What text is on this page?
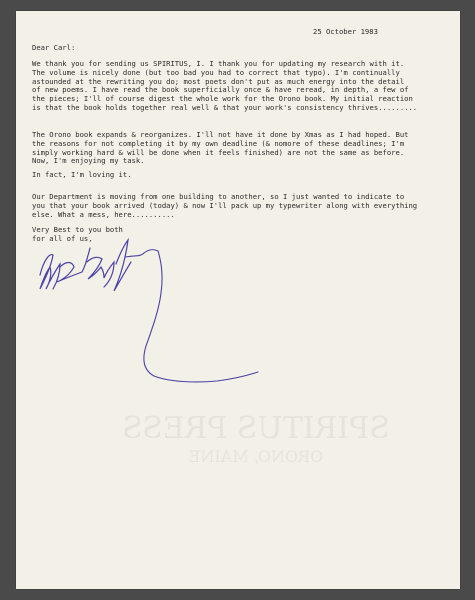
25 October 1983
Dear Carl:
We thank you for sending us SPIRITUS, I. I thank you for updating my research with it.
The volume is nicely done (but too bad you had to correct that typo). I'm continually
astounded at the rewriting you do; most poets don't put as much energy into the detail
of new poems. I have read the book superficially once & have reread, in depth, a few of
the pieces; I'll of course digest the whole work for the Orono book. My initial reaction
is that the book holds together real well & that your work's consistency thrives.........
The Orono book expands & reorganizes. I'll not have it done by Xmas as I had hoped. But
the reasons for not completing it by my own deadline (& nomore of these deadlines; I'm
simply working hard & will be done when it feels finished) are not the same as before.
Now, I'm enjoying my task.
In fact, I'm loving it.
Our Department is moving from one building to another, so I just wanted to indicate to
you that your book arrived (today) & now I'll pack up my typewriter along with everything
else. What a mess, here..........
Very Best to you both
for all of us,
SPIRITUS PRESS
ORONO, MAINE
